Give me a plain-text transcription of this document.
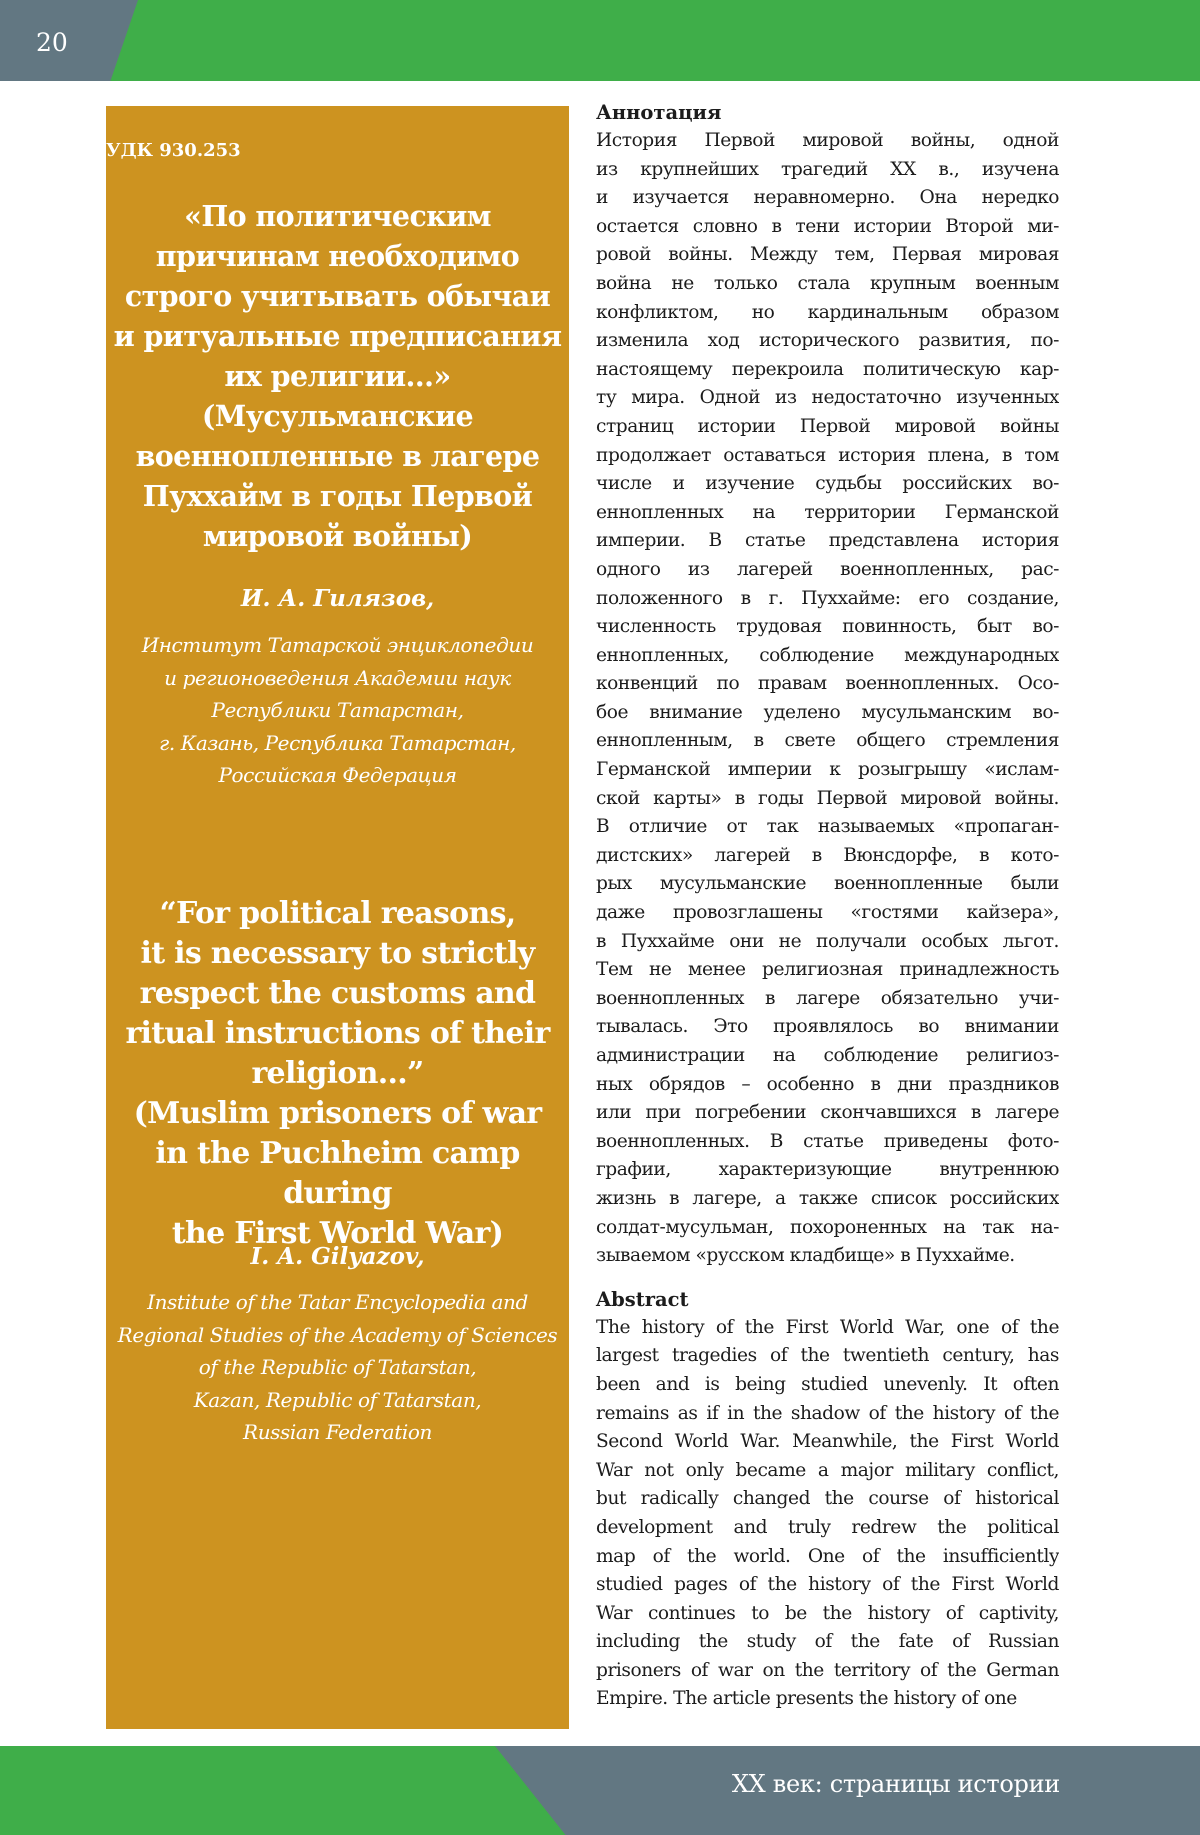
20
УДК 930.253
«По политическим
причинам необходимо
строго учитывать обычаи
и ритуальные предписания
их религии…»
(Мусульманские
военнопленные в лагере
Пуххайм в годы Первой
мировой войны)
И. А. Гилязов,
Институт Татарской энциклопедии
и регионоведения Академии наук
Республики Татарстан,
г. Казань, Республика Татарстан,
Российская Федерация
“For political reasons,
it is necessary to strictly
respect the customs and
ritual instructions of their
religion...”
(Muslim prisoners of war
in the Puchheim camp during
the First World War)
I. A. Gilyazov,
Institute of the Tatar Encyclopedia and
Regional Studies of the Academy of Sciences
of the Republic of Tatarstan,
Kazan, Republic of Tatarstan,
Russian Federation
Аннотация
История Первой мировой войны, одной
из крупнейших трагедий XX в., изучена
и изучается неравномерно. Она нередко
остается словно в тени истории Второй ми-
ровой войны. Между тем, Первая мировая
война не только стала крупным военным
конфликтом, но кардинальным образом
изменила ход исторического развития, по-
настоящему перекроила политическую кар-
ту мира. Одной из недостаточно изученных
страниц истории Первой мировой войны
продолжает оставаться история плена, в том
числе и изучение судьбы российских во-
еннопленных на территории Германской
империи. В статье представлена история
одного из лагерей военнопленных, рас-
положенного в г. Пуххайме: его создание,
численность трудовая повинность, быт во-
еннопленных, соблюдение международных
конвенций по правам военнопленных. Осо-
бое внимание уделено мусульманским во-
еннопленным, в свете общего стремления
Германской империи к розыгрышу «ислам-
ской карты» в годы Первой мировой войны.
В отличие от так называемых «пропаган-
дистских» лагерей в Вюнсдорфе, в кото-
рых мусульманские военнопленные были
даже провозглашены «гостями кайзера»,
в Пуххайме они не получали особых льгот.
Тем не менее религиозная принадлежность
военнопленных в лагере обязательно учи-
тывалась. Это проявлялось во внимании
администрации на соблюдение религиоз-
ных обрядов – особенно в дни праздников
или при погребении скончавшихся в лагере
военнопленных. В статье приведены фото-
графии, характеризующие внутреннюю
жизнь в лагере, а также список российских
солдат-мусульман, похороненных на так на-
зываемом «русском кладбище» в Пуххайме.
Abstract
The history of the First World War, one of the
largest tragedies of the twentieth century, has
been and is being studied unevenly. It often
remains as if in the shadow of the history of the
Second World War. Meanwhile, the First World
War not only became a major military conflict,
but radically changed the course of historical
development and truly redrew the political
map of the world. One of the insufficiently
studied pages of the history of the First World
War continues to be the history of captivity,
including the study of the fate of Russian
prisoners of war on the territory of the German
Empire. The article presents the history of one
XX век: страницы истории
